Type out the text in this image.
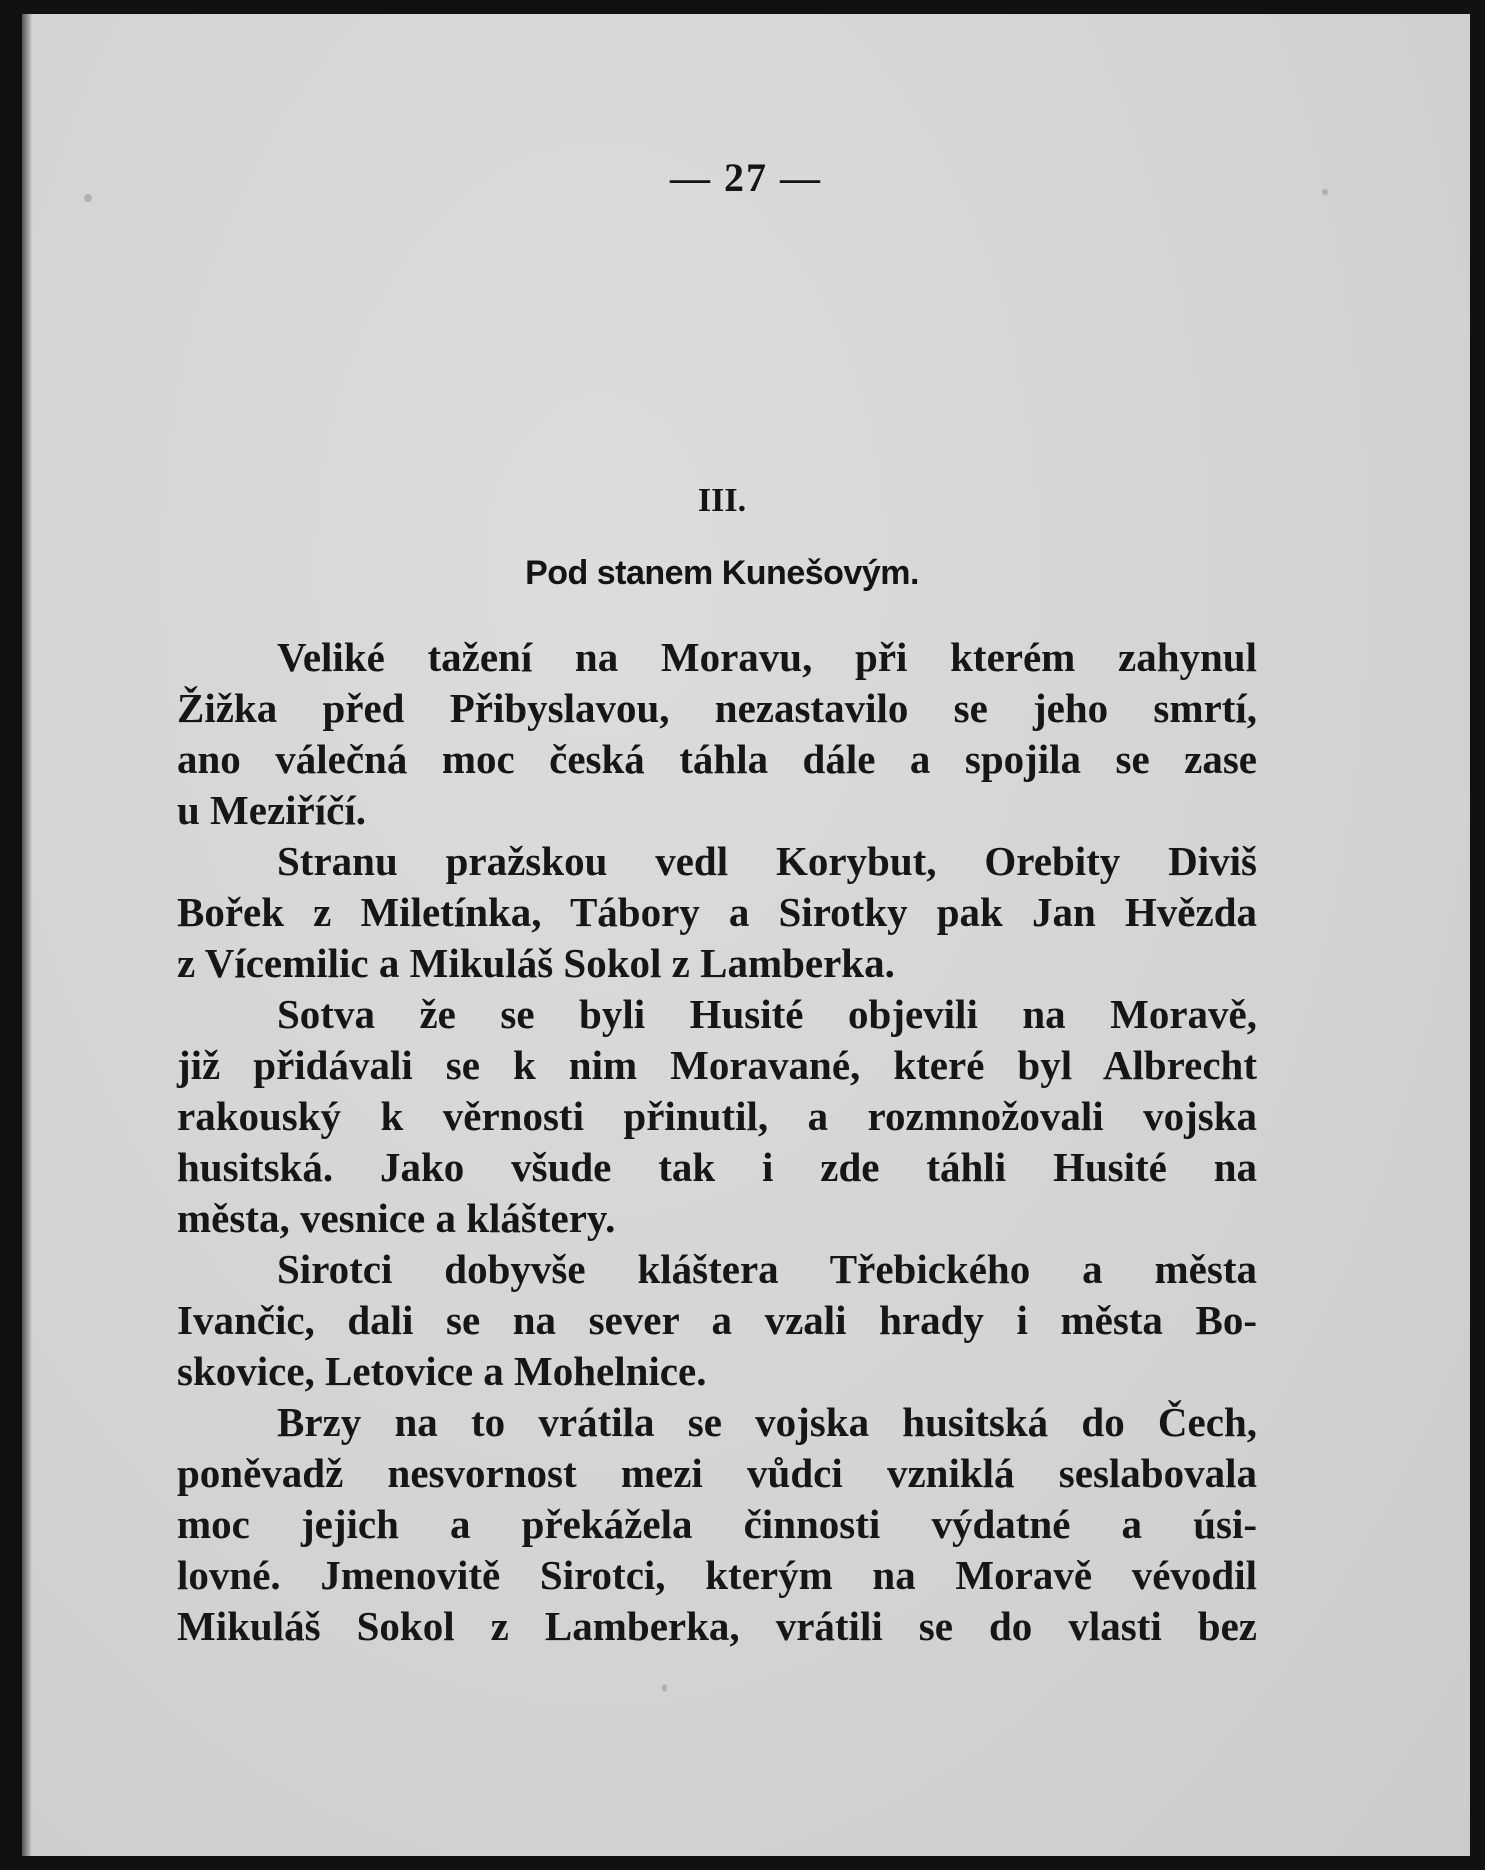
— 27 —
III.
Pod stanem Kunešovým.
Veliké tažení na Moravu, při kterém zahynul
Žižka před Přibyslavou, nezastavilo se jeho smrtí,
ano válečná moc česká táhla dále a spojila se zase
u Meziříčí.
Stranu pražskou vedl Korybut, Orebity Diviš
Bořek z Miletínka, Tábory a Sirotky pak Jan Hvězda
z Vícemilic a Mikuláš Sokol z Lamberka.
Sotva že se byli Husité objevili na Moravě,
již přidávali se k nim Moravané, které byl Albrecht
rakouský k věrnosti přinutil, a rozmnožovali vojska
husitská. Jako všude tak i zde táhli Husité na
města, vesnice a kláštery.
Sirotci dobyvše kláštera Třebického a města
Ivančic, dali se na sever a vzali hrady i města Bo-
skovice, Letovice a Mohelnice.
Brzy na to vrátila se vojska husitská do Čech,
poněvadž nesvornost mezi vůdci vzniklá seslabovala
moc jejich a překážela činnosti výdatné a úsi-
lovné. Jmenovitě Sirotci, kterým na Moravě vévodil
Mikuláš Sokol z Lamberka, vrátili se do vlasti bez
